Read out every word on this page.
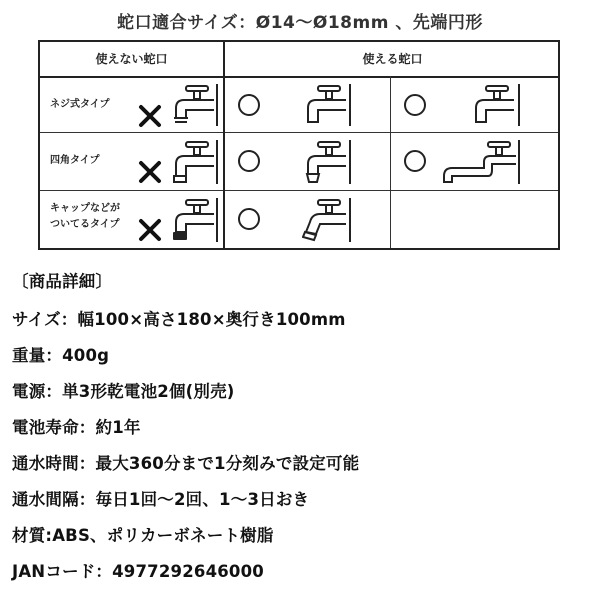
蛇口適合サイズ：Ø14～Ø18mm 、先端円形
使えない蛇口	使える蛇口
ネジ式タイプ
四角タイプ
キャップなどが
ついてるタイプ
〔商品詳細〕
サイズ：幅100×高さ180×奥行き100mm
重量：400g
電源：単3形乾電池2個(別売)
電池寿命：約1年
通水時間：最大360分まで1分刻みで設定可能
通水間隔：毎日1回～2回、1～3日おき
材質:ABS、ポリカーボネート樹脂
JANコード：4977292646000
